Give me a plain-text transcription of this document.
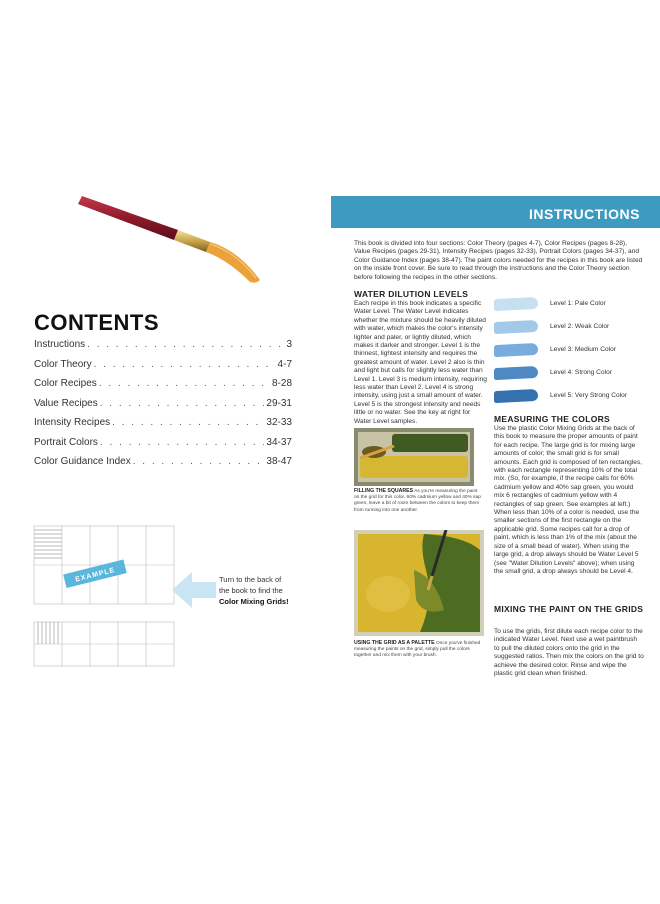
CONTENTS
Instructions . . .	3
Color Theory . . .	4-7
Color Recipes . . .	8-28
Value Recipes . . .	29-31
Intensity Recipes . . .	32-33
Portrait Colors . . .	34-37
Color Guidance Index . . .	38-47
EXAMPLE	Turn to the back of
the book to find the
Color Mixing Grids!
INSTRUCTIONS
This book is divided into four sections: Color Theory (pages 4-7), Color Recipes (pages 8-28), Value Recipes (pages 29-31), Intensity Recipes (pages 32-33), Portrait Colors (pages 34-37), and Color Guidance Index (pages 38-47). The paint colors needed for the recipes in this book are listed on the inside front cover. Be sure to read through the instructions and the Color Theory section before following the recipes in the other sections.
WATER DILUTION LEVELS
Each recipe in this book indicates a specific Water Level. The Water Level indicates whether the mixture should be heavily diluted with water, which makes the color's intensity lighter and paler, or lightly diluted, which makes it darker and stronger. Level 1 is the thinnest, lightest intensity and requires the greatest amount of water. Level 2 also is thin and light but calls for slightly less water than Level 1. Level 3 is medium intensity, requiring less water than Level 2. Level 4 is strong intensity, using just a small amount of water. Level 5 is the strongest intensity and needs little or no water. See the key at right for Water Level samples.
Level 1: Pale Color
Level 2: Weak Color
Level 3: Medium Color
Level 4: Strong Color
Level 5: Very Strong Color
MEASURING THE COLORS
Use the plastic Color Mixing Grids at the back of this book to measure the proper amounts of paint for each recipe. The large grid is for mixing large amounts of color; the small grid is for small amounts. Each grid is composed of ten rectangles, with each rectangle representing 10% of the total mix. (So, for example, if the recipe calls for 60% cadmium yellow and 40% sap green, you would mix 6 rectangles of cadmium yellow with 4 rectangles of sap green. See examples at left.) When less than 10% of a color is needed, use the smaller sections of the first rectangle on the applicable grid. Some recipes call for a drop of paint, which is less than 1% of the mix (about the size of a small bead of water). When using the large grid, a drop always should be Water Level 5 (see "Water Dilution Levels" above); when using the small grid, a drop always should be Level 4.
MIXING THE PAINT ON THE GRIDS
To use the grids, first dilute each recipe color to the indicated Water Level. Next use a wet paintbrush to pull the diluted colors onto the grid in the suggested ratios. Then mix the colors on the grid to achieve the desired color. Rinse and wipe the plastic grid clean when finished.
FILLING THE SQUARES As you're measuring the paint on the grid for this color, 60% cadmium yellow and 40% sap green, leave a bit of room between the colors to keep them from running into one another.
USING THE GRID AS A PALETTE Once you've finished measuring the paints on the grid, simply pull the colors together and mix them with your brush.
